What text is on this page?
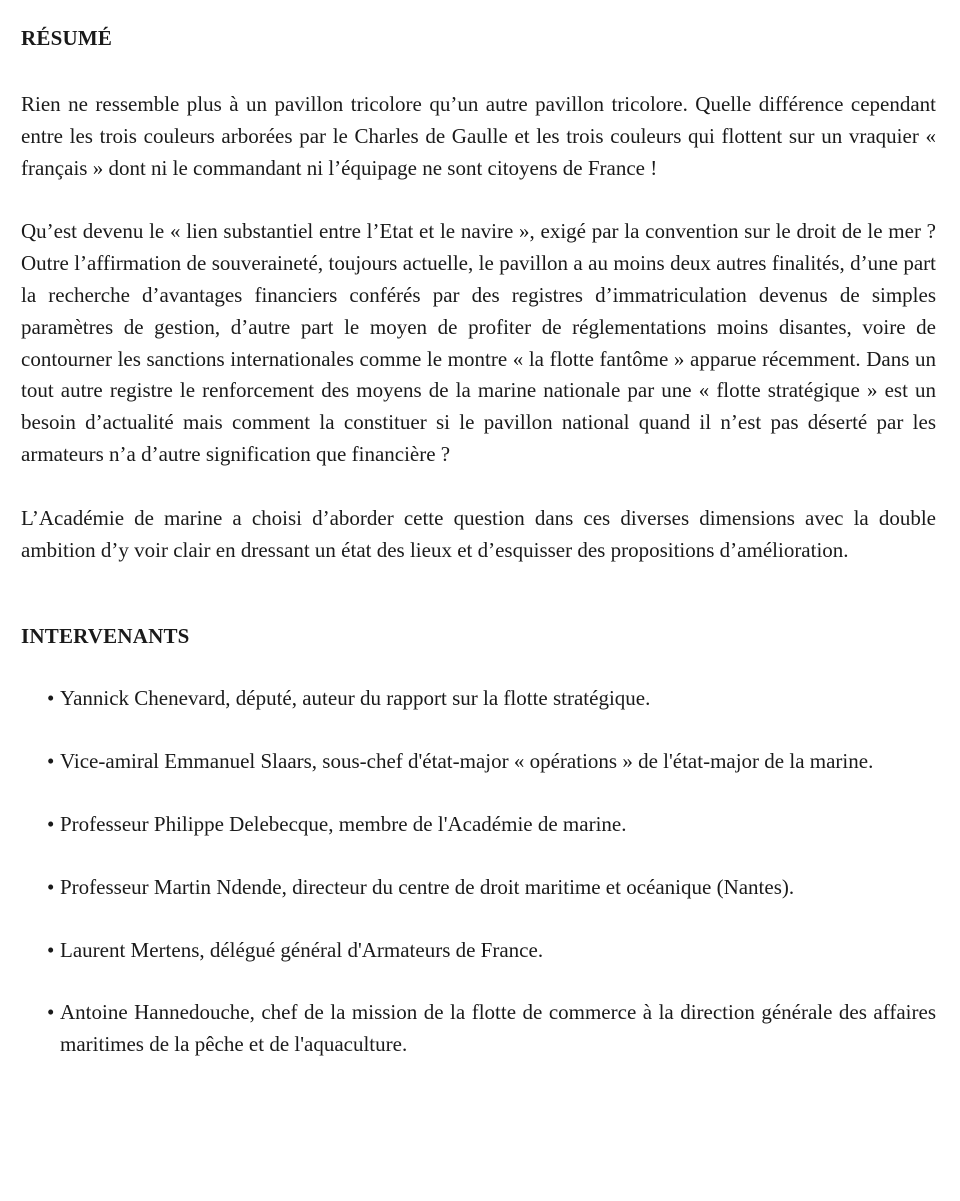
RÉSUMÉ

Rien ne ressemble plus à un pavillon tricolore qu’un autre pavillon tricolore. Quelle différence cependant entre les trois couleurs arborées par le Charles de Gaulle et les trois couleurs qui flottent sur un vraquier « français » dont ni le commandant ni l’équipage ne sont citoyens de France !

Qu’est devenu le « lien substantiel entre l’Etat et le navire », exigé par la convention sur le droit de le mer ? Outre l’affirmation de souveraineté, toujours actuelle, le pavillon a au moins deux autres finalités, d’une part la recherche d’avantages financiers conférés par des registres d’immatriculation devenus de simples paramètres de gestion, d’autre part le moyen de profiter de réglementations moins disantes, voire de contourner les sanctions internationales comme le montre « la flotte fantôme » apparue récemment. Dans un tout autre registre le renforcement des moyens de la marine nationale par une « flotte stratégique » est un besoin d’actualité mais comment la constituer si le pavillon national quand il n’est pas déserté par les armateurs n’a d’autre signification que financière ?

L’Académie de marine a choisi d’aborder cette question dans ces diverses dimensions avec la double ambition d’y voir clair en dressant un état des lieux et d’esquisser des propositions d’amélioration.

INTERVENANTS
• Yannick Chenevard, député, auteur du rapport sur la flotte stratégique.
• Vice-amiral Emmanuel Slaars, sous-chef d'état-major « opérations » de l'état-major de la marine.
• Professeur Philippe Delebecque, membre de l'Académie de marine.
• Professeur Martin Ndende, directeur du centre de droit maritime et océanique (Nantes).
• Laurent Mertens, délégué général d'Armateurs de France.
• Antoine Hannedouche, chef de la mission de la flotte de commerce à la direction générale des affaires maritimes de la pêche et de l'aquaculture.
